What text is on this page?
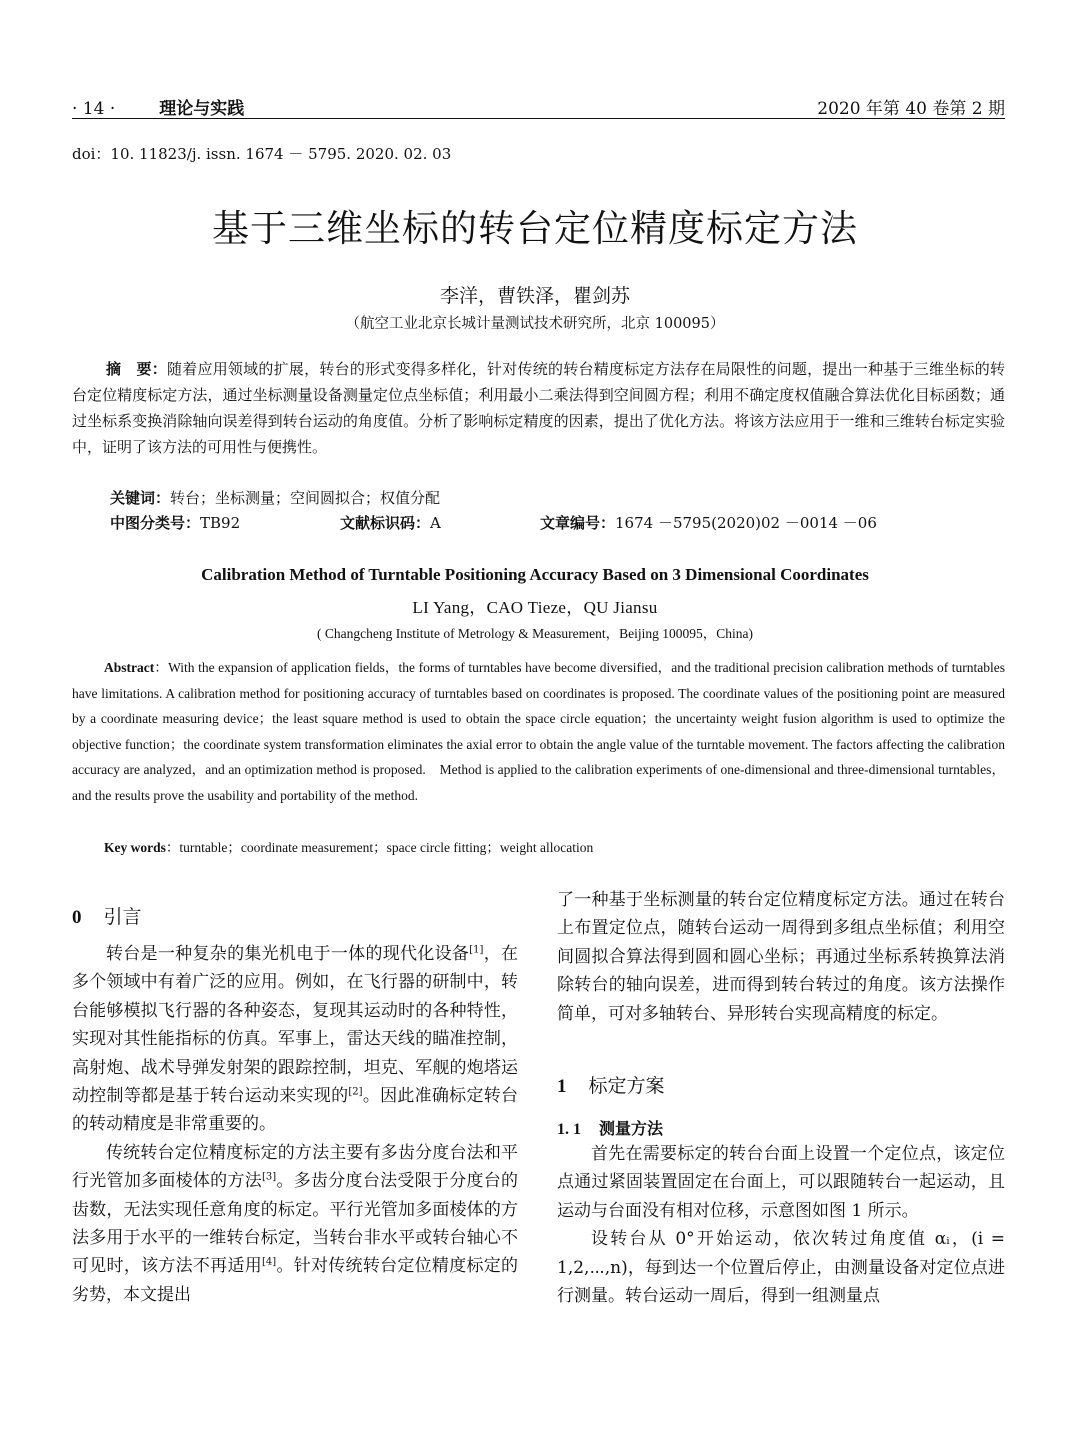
· 14 ·	理论与实践	2020 年第 40 卷第 2 期
doi：10. 11823/j. issn. 1674 － 5795. 2020. 02. 03
基于三维坐标的转台定位精度标定方法
李洋，曹铁泽，瞿剑苏
（航空工业北京长城计量测试技术研究所，北京 100095）
摘　要：随着应用领域的扩展，转台的形式变得多样化，针对传统的转台精度标定方法存在局限性的问题，提出一种基于三维坐标的转台定位精度标定方法，通过坐标测量设备测量定位点坐标值；利用最小二乘法得到空间圆方程；利用不确定度权值融合算法优化目标函数；通过坐标系变换消除轴向误差得到转台运动的角度值。分析了影响标定精度的因素，提出了优化方法。将该方法应用于一维和三维转台标定实验中，证明了该方法的可用性与便携性。
关键词：转台；坐标测量；空间圆拟合；权值分配
中图分类号：TB92	文献标识码：A	文章编号：1674 －5795(2020)02 －0014 －06
Calibration Method of Turntable Positioning Accuracy Based on 3 Dimensional Coordinates
LI Yang，CAO Tieze，QU Jiansu
( Changcheng Institute of Metrology & Measurement，Beijing 100095，China)
Abstract：With the expansion of application fields，the forms of turntables have become diversified，and the traditional precision calibration methods of turntables have limitations. A calibration method for positioning accuracy of turntables based on coordinates is proposed. The coordinate values of the positioning point are measured by a coordinate measuring device；the least square method is used to obtain the space circle equation；the uncertainty weight fusion algorithm is used to optimize the objective function；the coordinate system transformation eliminates the axial error to obtain the angle value of the turntable movement. The factors affecting the calibration accuracy are analyzed，and an optimization method is proposed.　Method is applied to the calibration experiments of one-dimensional and three-dimensional turntables，and the results prove the usability and portability of the method.
Key words：turntable；coordinate measurement；space circle fitting；weight allocation
0 引言

转台是一种复杂的集光机电于一体的现代化设备[1]，在多个领域中有着广泛的应用。例如，在飞行器的研制中，转台能够模拟飞行器的各种姿态，复现其运动时的各种特性，实现对其性能指标的仿真。军事上，雷达天线的瞄准控制，高射炮、战术导弹发射架的跟踪控制，坦克、军舰的炮塔运动控制等都是基于转台运动来实现的[2]。因此准确标定转台的转动精度是非常重要的。

传统转台定位精度标定的方法主要有多齿分度台法和平行光管加多面棱体的方法[3]。多齿分度台法受限于分度台的齿数，无法实现任意角度的标定。平行光管加多面棱体的方法多用于水平的一维转台标定，当转台非水平或转台轴心不可见时，该方法不再适用[4]。针对传统转台定位精度标定的劣势，本文提出

了一种基于坐标测量的转台定位精度标定方法。通过在转台上布置定位点，随转台运动一周得到多组点坐标值；利用空间圆拟合算法得到圆和圆心坐标；再通过坐标系转换算法消除转台的轴向误差，进而得到转台转过的角度。该方法操作简单，可对多轴转台、异形转台实现高精度的标定。

1 标定方案
1. 1 测量方法

首先在需要标定的转台台面上设置一个定位点，该定位点通过紧固装置固定在台面上，可以跟随转台一起运动，且运动与台面没有相对位移，示意图如图 1 所示。

设转台从 0°开始运动，依次转过角度值 αᵢ，(i = 1,2,⋯,n)，每到达一个位置后停止，由测量设备对定位点进行测量。转台运动一周后，得到一组测量点
